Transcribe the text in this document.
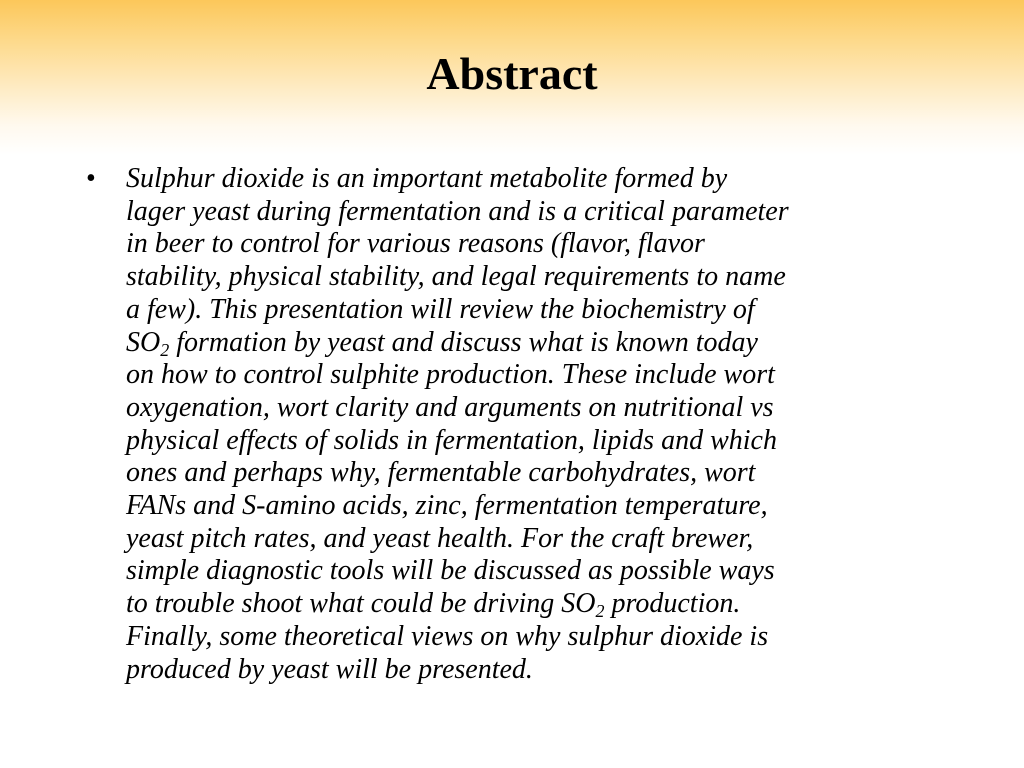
Abstract
• Sulphur dioxide is an important metabolite formed by
lager yeast during fermentation and is a critical parameter
in beer to control for various reasons (flavor, flavor
stability, physical stability, and legal requirements to name
a few). This presentation will review the biochemistry of
$SO_2$ formation by yeast and discuss what is known today
on how to control sulphite production. These include wort
oxygenation, wort clarity and arguments on nutritional vs
physical effects of solids in fermentation, lipids and which
ones and perhaps why, fermentable carbohydrates, wort
FANs and S-amino acids, zinc, fermentation temperature,
yeast pitch rates, and yeast health. For the craft brewer,
simple diagnostic tools will be discussed as possible ways
to trouble shoot what could be driving $SO_2$ production.
Finally, some theoretical views on why sulphur dioxide is
produced by yeast will be presented.
